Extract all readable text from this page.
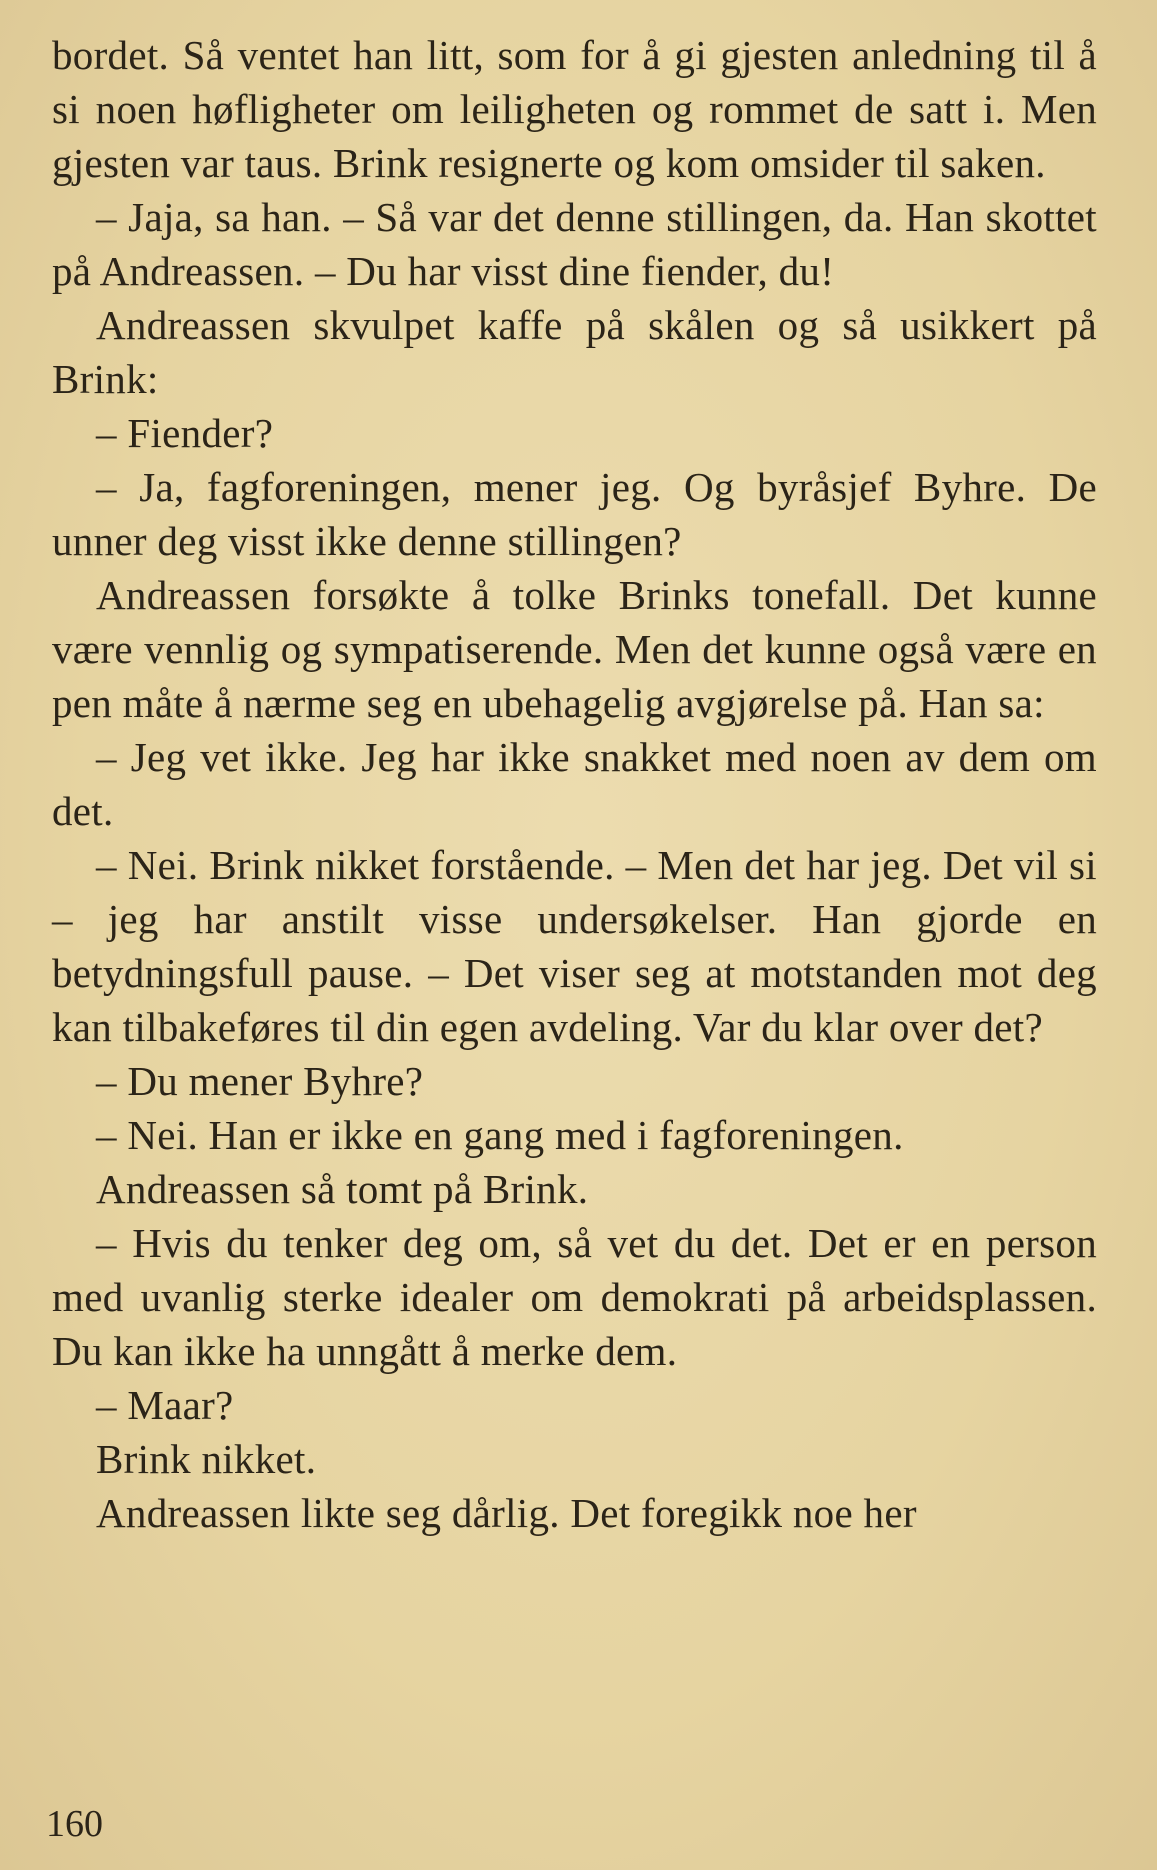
bordet. Så ventet han litt, som for å gi gjesten anledning til å si noen høfligheter om leiligheten og rommet de satt i. Men gjesten var taus. Brink resignerte og kom omsider til saken.

– Jaja, sa han. – Så var det denne stillingen, da. Han skottet på Andreassen. – Du har visst dine fiender, du!

Andreassen skvulpet kaffe på skålen og så usikkert på Brink:

– Fiender?

– Ja, fagforeningen, mener jeg. Og byråsjef Byhre. De unner deg visst ikke denne stillingen?

Andreassen forsøkte å tolke Brinks tonefall. Det kunne være vennlig og sympatiserende. Men det kunne også være en pen måte å nærme seg en ubehagelig avgjørelse på. Han sa:

– Jeg vet ikke. Jeg har ikke snakket med noen av dem om det.

– Nei. Brink nikket forstående. – Men det har jeg. Det vil si – jeg har anstilt visse undersøkelser. Han gjorde en betydningsfull pause. – Det viser seg at motstanden mot deg kan tilbakeføres til din egen avdeling. Var du klar over det?

– Du mener Byhre?

– Nei. Han er ikke en gang med i fagforeningen.

Andreassen så tomt på Brink.

– Hvis du tenker deg om, så vet du det. Det er en person med uvanlig sterke idealer om demokrati på arbeidsplassen. Du kan ikke ha unngått å merke dem.

– Maar?

Brink nikket.

Andreassen likte seg dårlig. Det foregikk noe her

160
